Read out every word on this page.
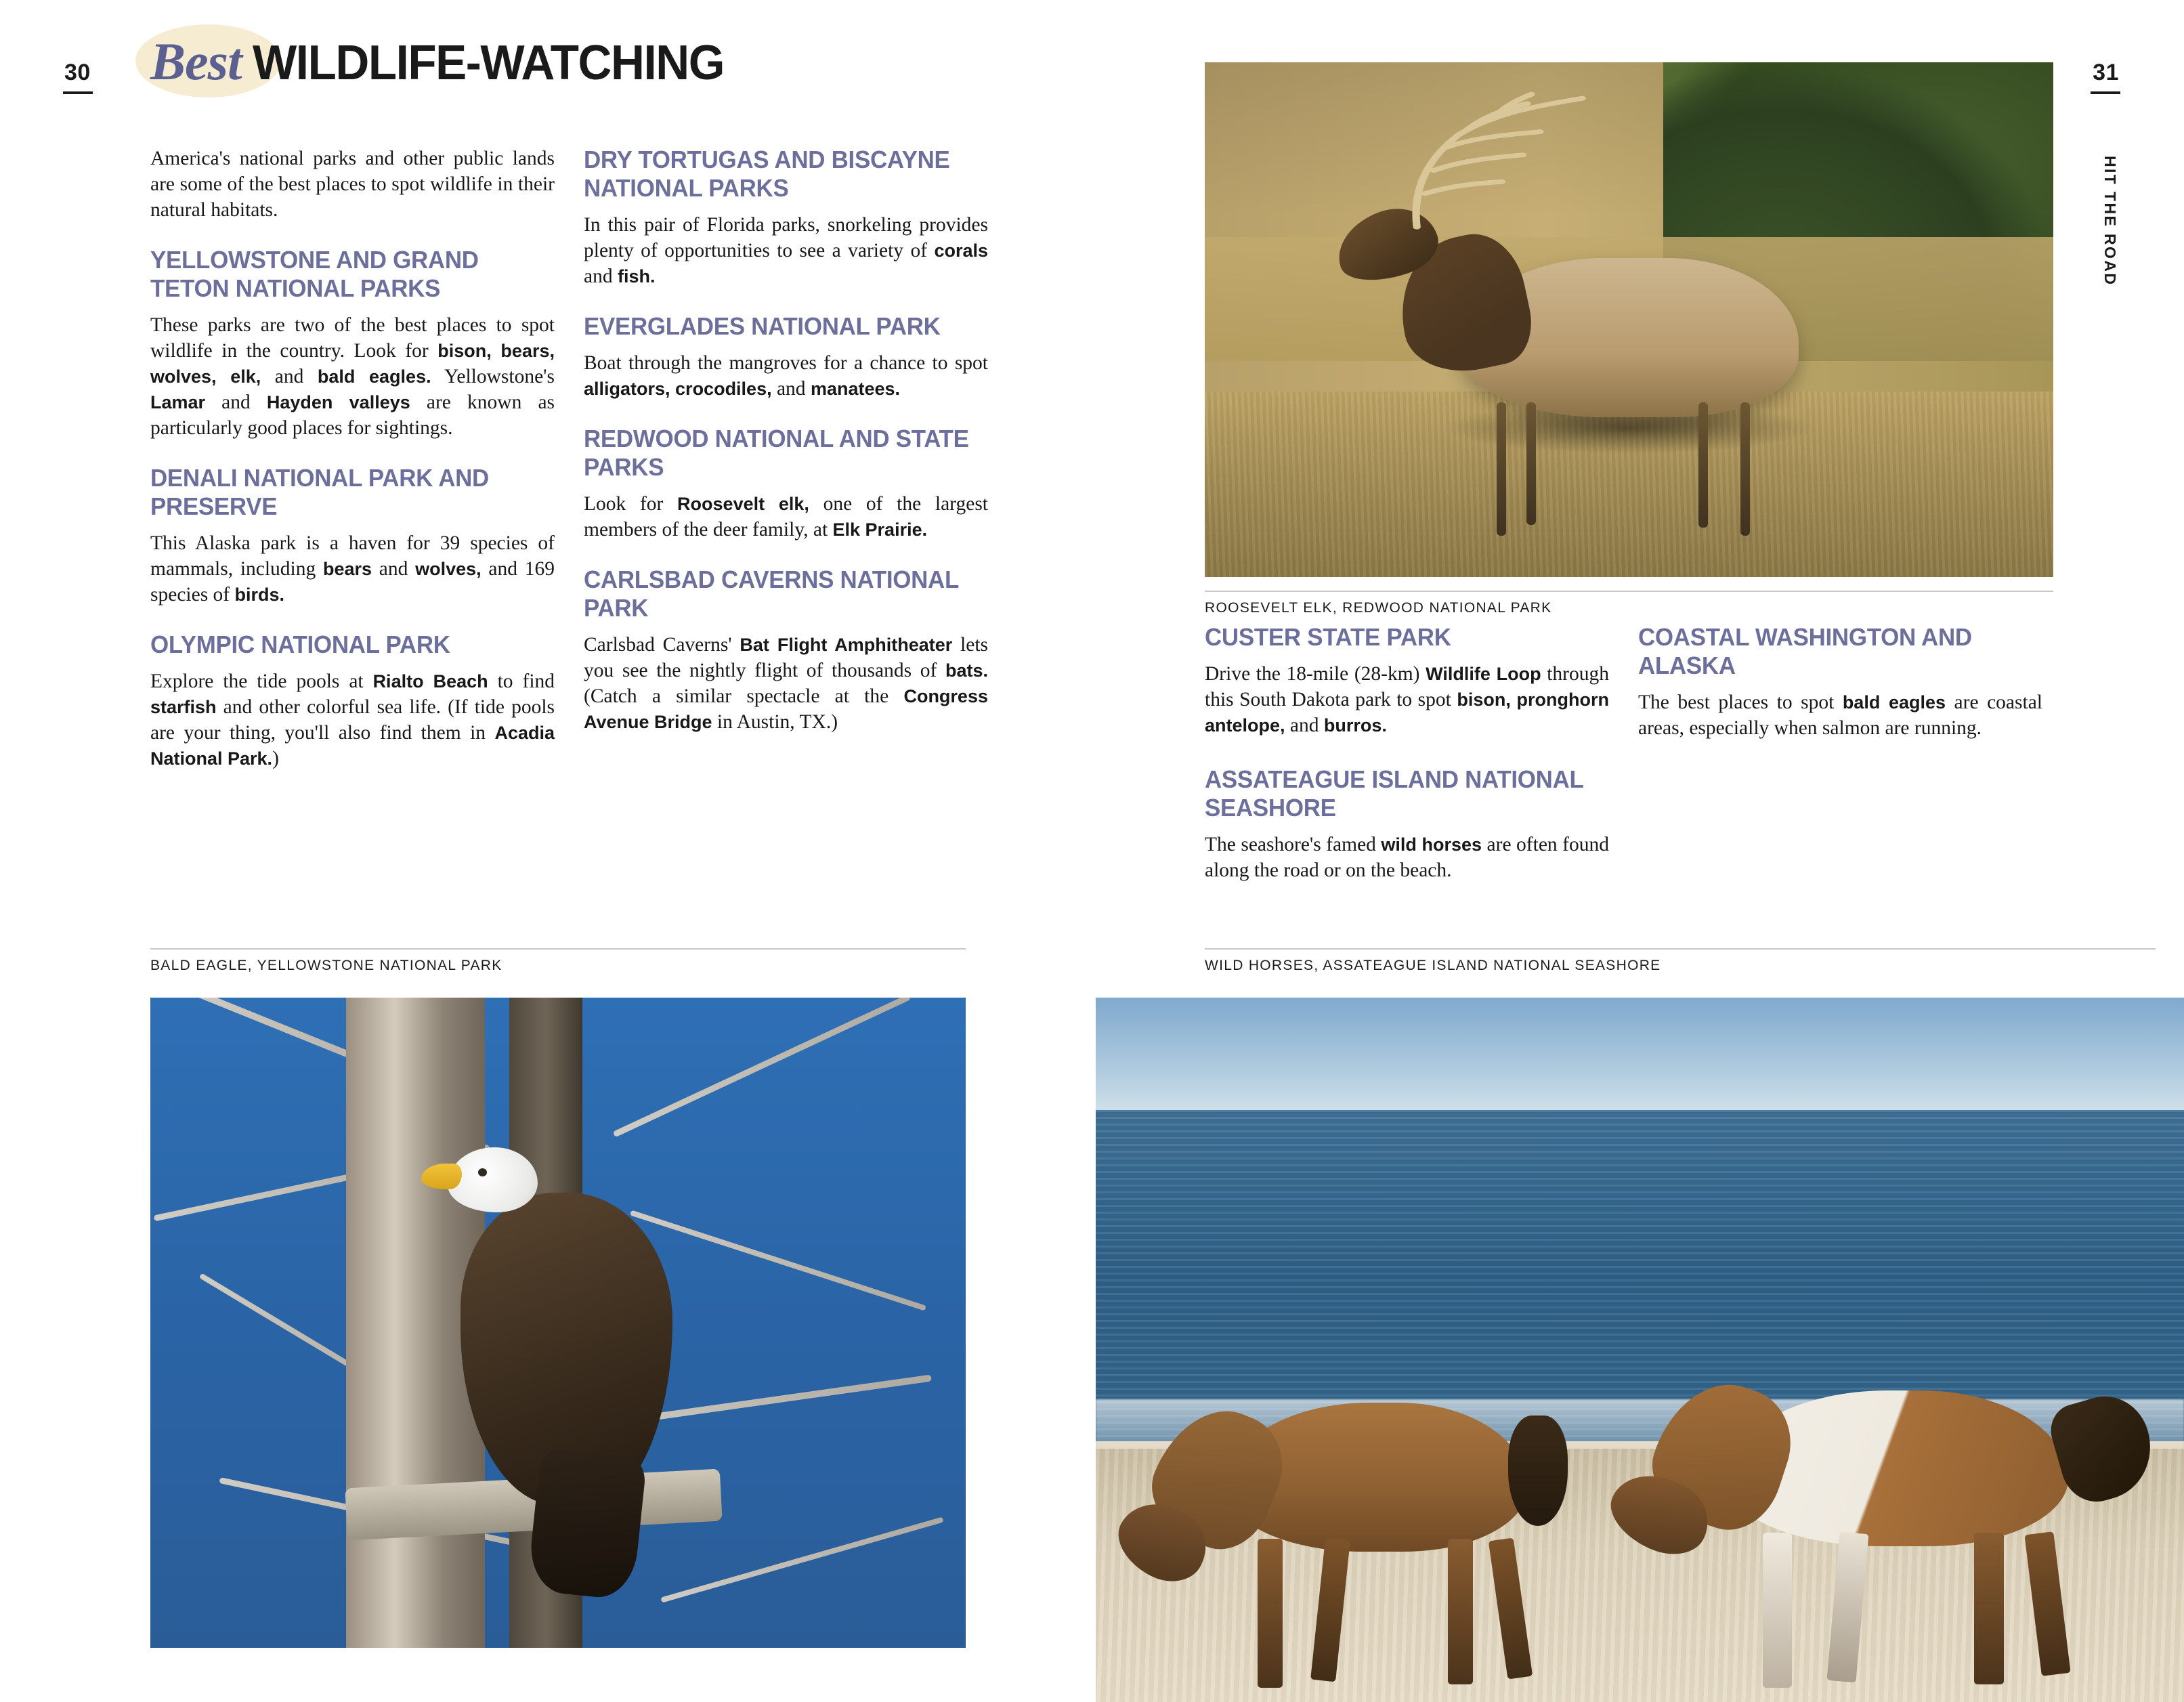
30 Best WILDLIFE-WATCHING

America's national parks and other public lands are some of the best places to spot wildlife in their natural habitats.

YELLOWSTONE AND GRAND TETON NATIONAL PARKS

These parks are two of the best places to spot wildlife in the country. Look for bison, bears, wolves, elk, and bald eagles. Yellowstone's Lamar and Hayden valleys are known as particularly good places for sightings.

DENALI NATIONAL PARK AND PRESERVE

This Alaska park is a haven for 39 species of mammals, including bears and wolves, and 169 species of birds.

OLYMPIC NATIONAL PARK

Explore the tide pools at Rialto Beach to find starfish and other colorful sea life. (If tide pools are your thing, you'll also find them in Acadia National Park.)

DRY TORTUGAS AND BISCAYNE NATIONAL PARKS

In this pair of Florida parks, snorkeling provides plenty of opportunities to see a variety of corals and fish.

EVERGLADES NATIONAL PARK

Boat through the mangroves for a chance to spot alligators, crocodiles, and manatees.

REDWOOD NATIONAL AND STATE PARKS

Look for Roosevelt elk, one of the largest members of the deer family, at Elk Prairie.

CARLSBAD CAVERNS NATIONAL PARK

Carlsbad Caverns' Bat Flight Amphitheater lets you see the nightly flight of thousands of bats. (Catch a similar spectacle at the Congress Avenue Bridge in Austin, TX.)

BALD EAGLE, YELLOWSTONE NATIONAL PARK
31
HIT THE ROAD
ROOSEVELT ELK, REDWOOD NATIONAL PARK
CUSTER STATE PARK

Drive the 18-mile (28-km) Wildlife Loop through this South Dakota park to spot bison, pronghorn antelope, and burros.

ASSATEAGUE ISLAND NATIONAL SEASHORE

The seashore's famed wild horses are often found along the road or on the beach.

COASTAL WASHINGTON AND ALASKA

The best places to spot bald eagles are coastal areas, especially when salmon are running.

WILD HORSES, ASSATEAGUE ISLAND NATIONAL SEASHORE
